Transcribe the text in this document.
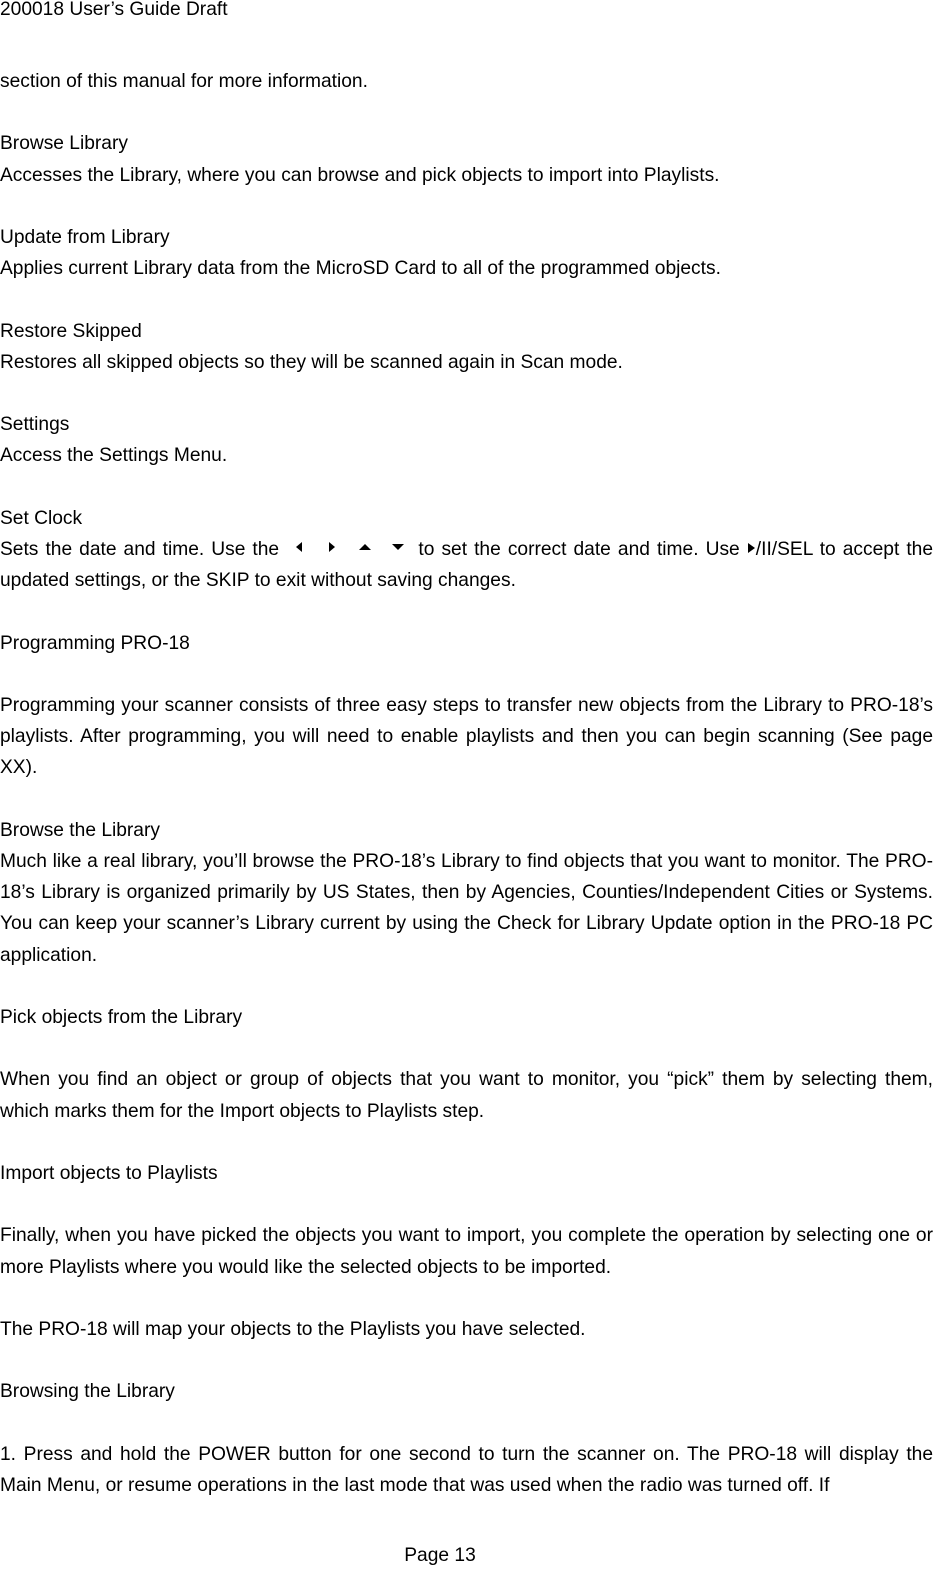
200018 User’s Guide Draft

section of this manual for more information.

Browse Library
Accesses the Library, where you can browse and pick objects to import into Playlists.

Update from Library
Applies current Library data from the MicroSD Card to all of the programmed objects.

Restore Skipped
Restores all skipped objects so they will be scanned again in Scan mode.

Settings
Access the Settings Menu.

Set Clock
Sets the date and time. Use the

	to set the correct date and time. Use /II/SEL to accept the updated settings, or the SKIP to exit without saving changes.

Programming PRO-18

Programming your scanner consists of three easy steps to transfer new objects from the Library to PRO-18’s playlists. After programming, you will need to enable playlists and then you can begin scanning (See page XX).

Browse the Library
Much like a real library, you’ll browse the PRO-18’s Library to find objects that you want to monitor. The PRO-18’s Library is organized primarily by US States, then by Agencies, Counties/Independent Cities or Systems. You can keep your scanner’s Library current by using the Check for Library Update option in the PRO-18 PC application.

Pick objects from the Library

When you find an object or group of objects that you want to monitor, you “pick” them by selecting them, which marks them for the Import objects to Playlists step.

Import objects to Playlists

Finally, when you have picked the objects you want to import, you complete the operation by selecting one or more Playlists where you would like the selected objects to be imported.

The PRO-18 will map your objects to the Playlists you have selected.

Browsing the Library

1. Press and hold the POWER button for one second to turn the scanner on. The PRO-18 will display the Main Menu, or resume operations in the last mode that was used when the radio was turned off. If

Page 13
